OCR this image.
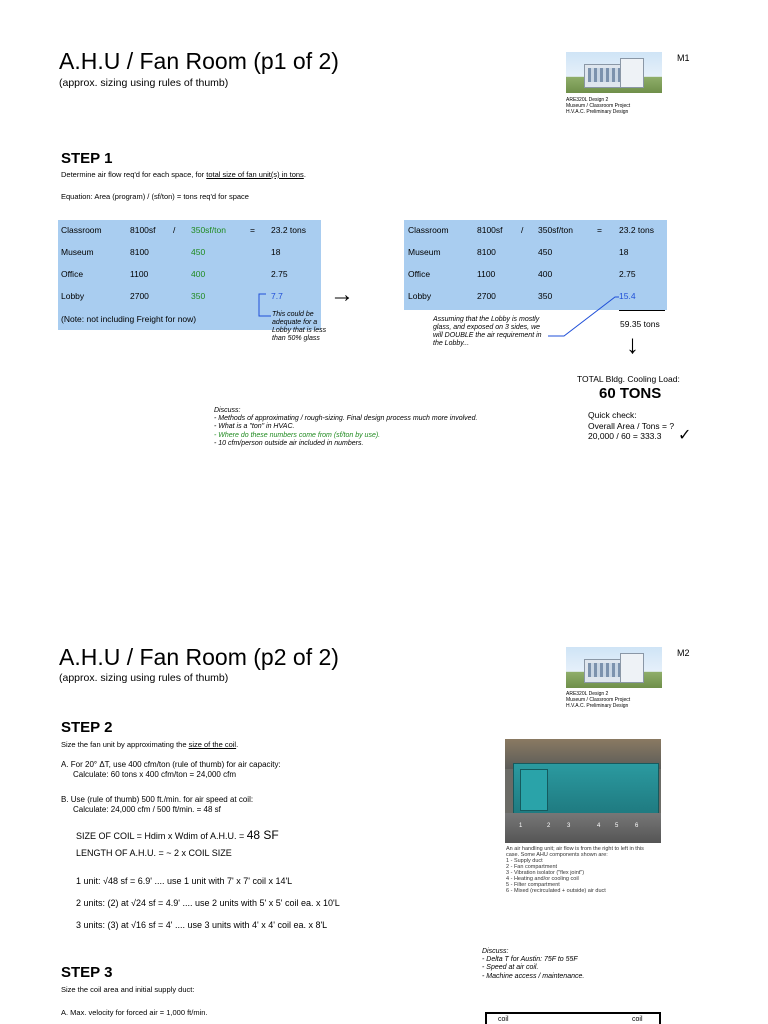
A.H.U / Fan Room (p1 of 2)
(approx. sizing using rules of thumb)
ARE320L Design 2
Museum / Classroom Project
H.V.A.C. Preliminary Design
M1
STEP 1
Determine air flow req'd for each space, for total size of fan unit(s) in tons.
Equation: Area (program) / (sf/ton) = tons req'd for space
Classroom	8100sf / 350sf/ton	= 23.2 tons
Museum	8100	450	18
Office	1100	400	2.75
Lobby	2700	350	7.7
(Note: not including Freight for now)	This could be adequate for a Lobby that is less than 50% glass
→
Classroom	8100sf / 350sf/ton	= 23.2 tons
Museum	8100	450	18
Office	1100	400	2.75
Lobby	2700	350	15.4
59.35 tons
Assuming that the Lobby is mostly glass, and exposed on 3 sides, we will DOUBLE the air requirement in the Lobby...	↓
TOTAL Bldg. Cooling Load:
60 TONS
Quick check:
Overall Area / Tons = ?
20,000 / 60 = 333.3	✓
Discuss:
- Methods of approximating / rough-sizing. Final design process much more involved.
- What is a "ton" in HVAC.
- Where do these numbers come from (sf/ton by use).
- 10 cfm/person outside air included in numbers.
A.H.U / Fan Room (p2 of 2)
(approx. sizing using rules of thumb)
ARE320L Design 2
Museum / Classroom Project
H.V.A.C. Preliminary Design
M2
STEP 2
Size the fan unit by approximating the size of the coil.
A. For 20° ΔT, use 400 cfm/ton (rule of thumb) for air capacity:
Calculate: 60 tons x 400 cfm/ton = 24,000 cfm
B. Use (rule of thumb) 500 ft./min. for air speed at coil:
Calculate: 24,000 cfm / 500 ft/min. = 48 sf
SIZE OF COIL = Hdim x Wdim of A.H.U. = 48 SF
LENGTH OF A.H.U. = ~ 2 x COIL SIZE
1 unit: √48 sf = 6.9' .... use 1 unit with 7' x 7' coil x 14'L
2 units: (2) at √24 sf = 4.9' .... use 2 units with 5' x 5' coil ea. x 10'L
3 units: (3) at √16 sf = 4' .... use 3 units with 4' x 4' coil ea. x 8'L
1	2	3	4 5	6
An air handling unit; air flow is from the right to left in this case. Some AHU components shown are:
1 - Supply duct
2 - Fan compartment
3 - Vibration isolator ("flex joint")
4 - Heating and/or cooling coil
5 - Filter compartment
6 - Mixed (recirculated + outside) air duct
Discuss:
- Delta T for Austin: 75F to 55F
- Speed at air coil.
- Machine access / maintenance.
STEP 3
Size the coil area and initial supply duct:
A. Max. velocity for forced air = 1,000 ft/min.
coil	coil
